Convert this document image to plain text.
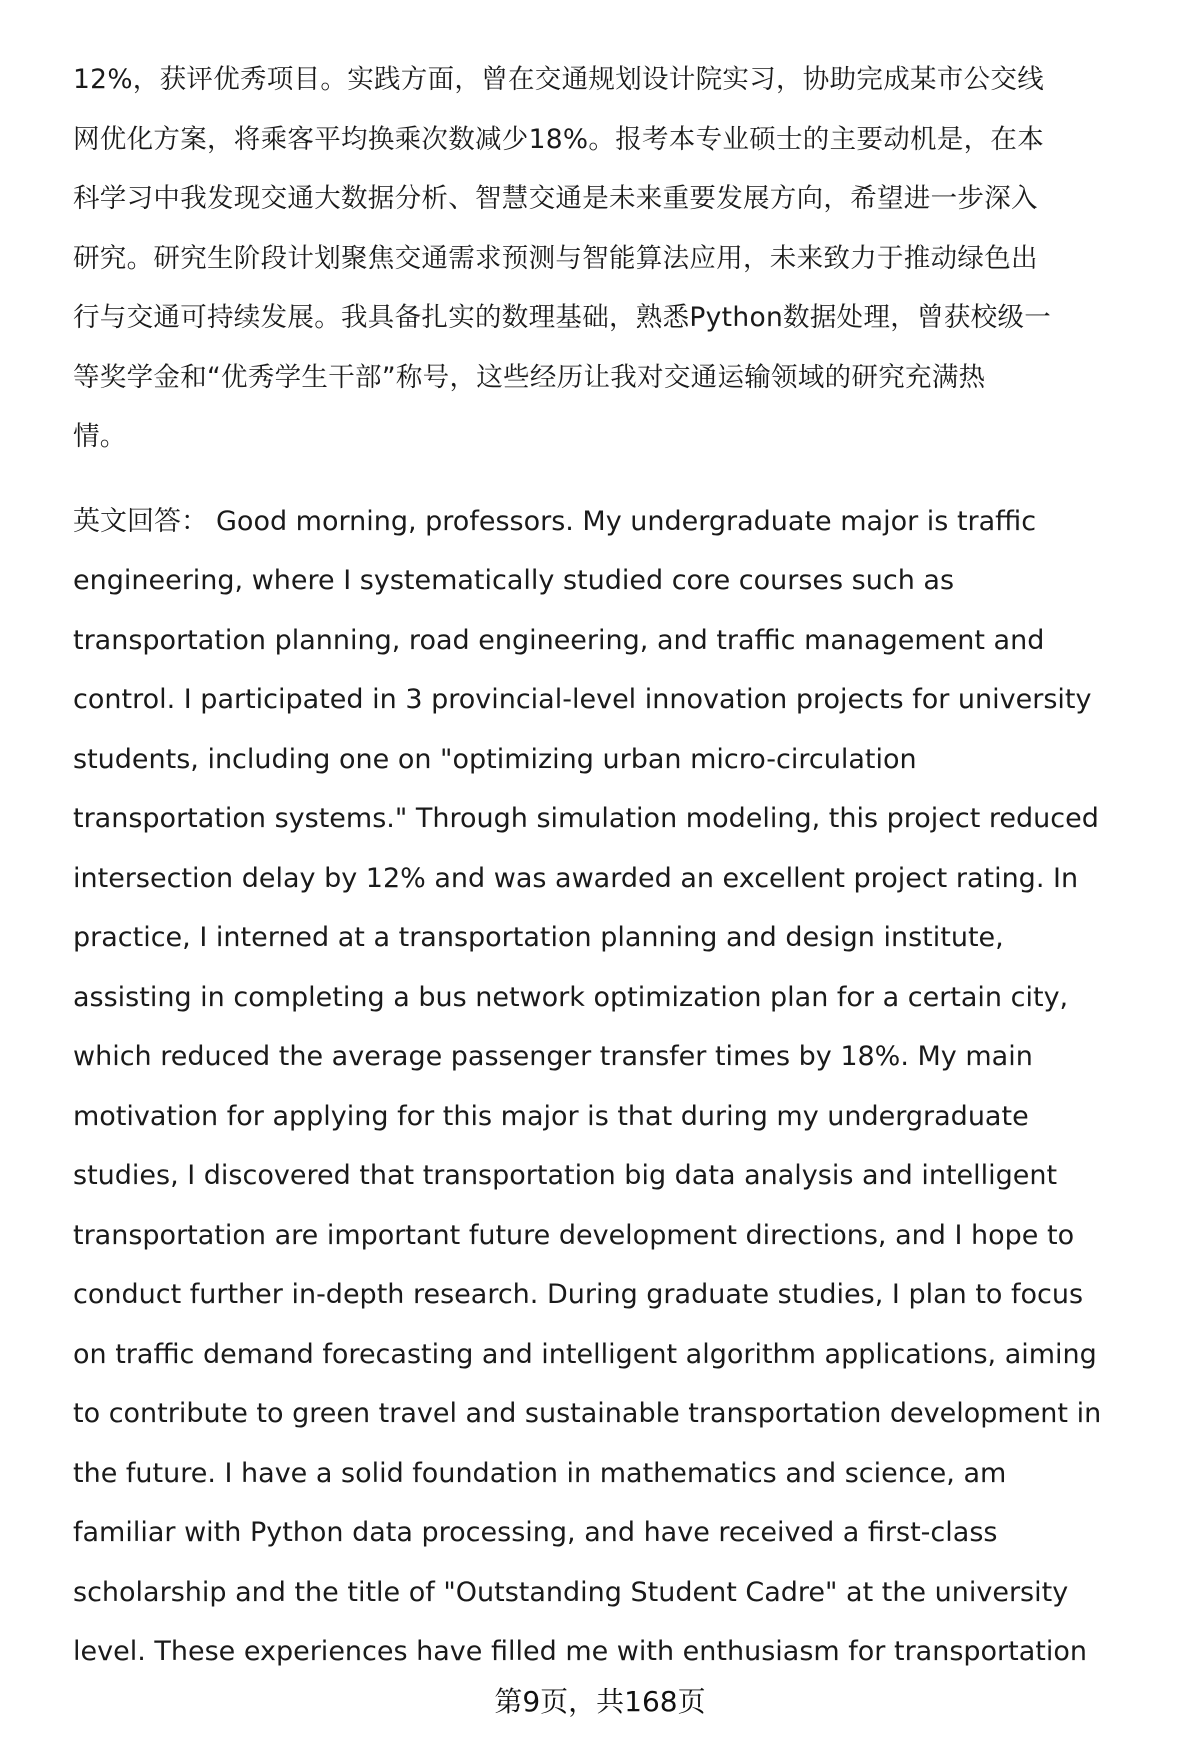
12%，获评优秀项目。实践方面，曾在交通规划设计院实习，协助完成某市公交线
网优化方案，将乘客平均换乘次数减少18%。报考本专业硕士的主要动机是，在本
科学习中我发现交通大数据分析、智慧交通是未来重要发展方向，希望进一步深入
研究。研究生阶段计划聚焦交通需求预测与智能算法应用，未来致力于推动绿色出
行与交通可持续发展。我具备扎实的数理基础，熟悉Python数据处理，曾获校级一
等奖学金和“优秀学生干部”称号，这些经历让我对交通运输领域的研究充满热
情。

英文回答： Good morning, professors. My undergraduate major is traffic
engineering, where I systematically studied core courses such as
transportation planning, road engineering, and traffic management and
control. I participated in 3 provincial-level innovation projects for university
students, including one on "optimizing urban micro-circulation
transportation systems." Through simulation modeling, this project reduced
intersection delay by 12% and was awarded an excellent project rating. In
practice, I interned at a transportation planning and design institute,
assisting in completing a bus network optimization plan for a certain city,
which reduced the average passenger transfer times by 18%. My main
motivation for applying for this major is that during my undergraduate
studies, I discovered that transportation big data analysis and intelligent
transportation are important future development directions, and I hope to
conduct further in-depth research. During graduate studies, I plan to focus
on traffic demand forecasting and intelligent algorithm applications, aiming
to contribute to green travel and sustainable transportation development in
the future. I have a solid foundation in mathematics and science, am
familiar with Python data processing, and have received a first-class
scholarship and the title of "Outstanding Student Cadre" at the university
level. These experiences have filled me with enthusiasm for transportation

第9页，共168页
